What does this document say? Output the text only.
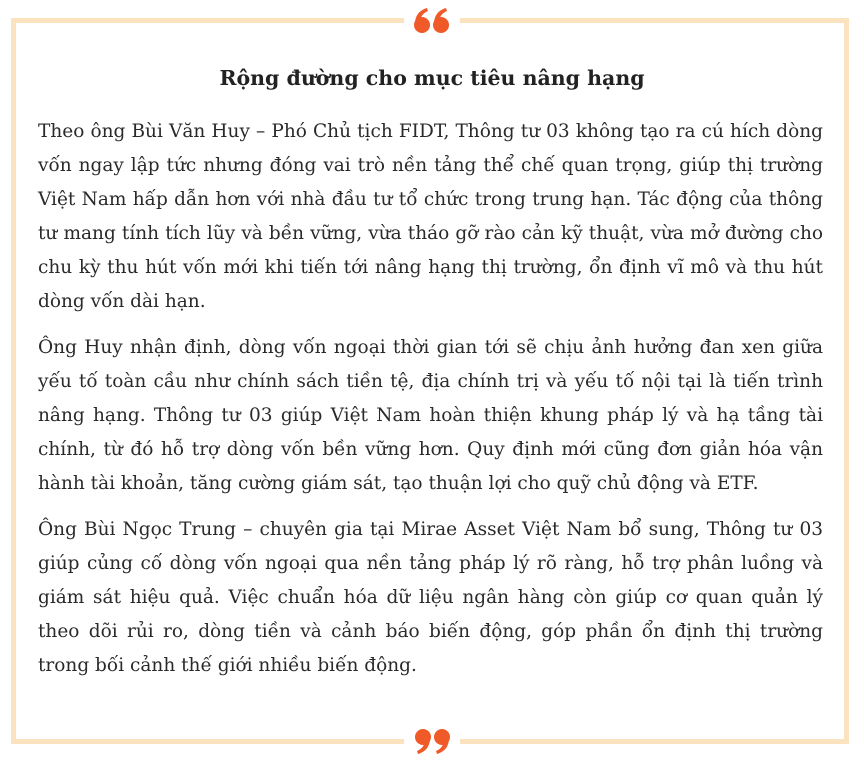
Rộng đường cho mục tiêu nâng hạng

Theo ông Bùi Văn Huy – Phó Chủ tịch FIDT, Thông tư 03 không tạo ra cú hích dòng vốn ngay lập tức nhưng đóng vai trò nền tảng thể chế quan trọng, giúp thị trường Việt Nam hấp dẫn hơn với nhà đầu tư tổ chức trong trung hạn. Tác động của thông tư mang tính tích lũy và bền vững, vừa tháo gỡ rào cản kỹ thuật, vừa mở đường cho chu kỳ thu hút vốn mới khi tiến tới nâng hạng thị trường, ổn định vĩ mô và thu hút dòng vốn dài hạn.

Ông Huy nhận định, dòng vốn ngoại thời gian tới sẽ chịu ảnh hưởng đan xen giữa yếu tố toàn cầu như chính sách tiền tệ, địa chính trị và yếu tố nội tại là tiến trình nâng hạng. Thông tư 03 giúp Việt Nam hoàn thiện khung pháp lý và hạ tầng tài chính, từ đó hỗ trợ dòng vốn bền vững hơn. Quy định mới cũng đơn giản hóa vận hành tài khoản, tăng cường giám sát, tạo thuận lợi cho quỹ chủ động và ETF.

Ông Bùi Ngọc Trung – chuyên gia tại Mirae Asset Việt Nam bổ sung, Thông tư 03 giúp củng cố dòng vốn ngoại qua nền tảng pháp lý rõ ràng, hỗ trợ phân luồng và giám sát hiệu quả. Việc chuẩn hóa dữ liệu ngân hàng còn giúp cơ quan quản lý theo dõi rủi ro, dòng tiền và cảnh báo biến động, góp phần ổn định thị trường trong bối cảnh thế giới nhiều biến động.
